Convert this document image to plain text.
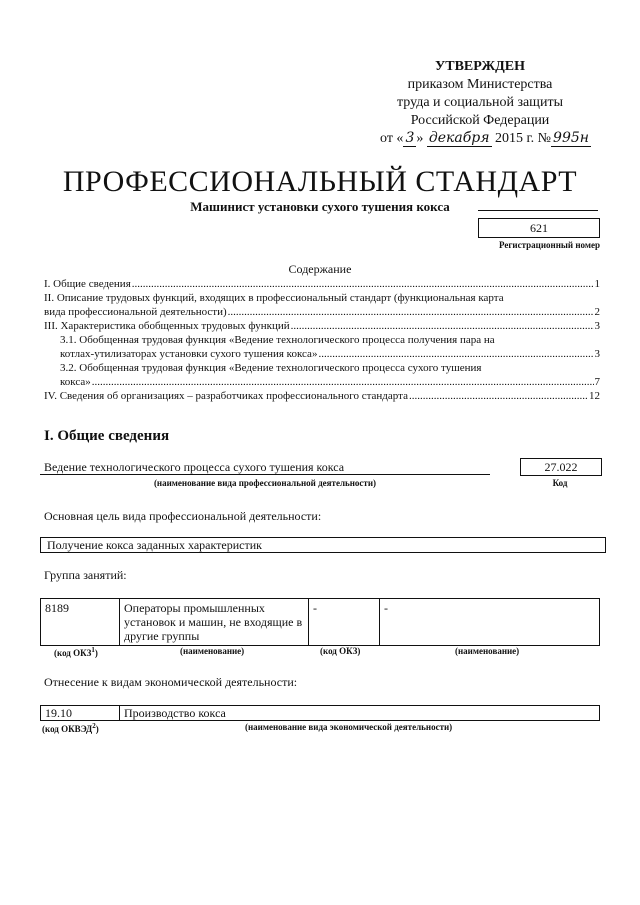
УТВЕРЖДЕН
приказом Министерства
труда и социальной защиты
Российской Федерации
от « 3 » декабря 2015 г. № 995н
ПРОФЕССИОНАЛЬНЫЙ СТАНДАРТ
Машинист установки сухого тушения кокса
621
Регистрационный номер
Содержание
I. Общие сведения .....	1
II. Описание трудовых функций, входящих в профессиональный стандарт (функциональная карта
вида профессиональной деятельности) .....	2
III. Характеристика обобщенных трудовых функций .....	3
3.1. Обобщенная трудовая функция «Ведение технологического процесса получения пара на
котлах-утилизаторах установки сухого тушения кокса» .....	3
3.2. Обобщенная трудовая функция «Ведение технологического процесса сухого тушения
кокса» .....	7
IV. Сведения об организациях – разработчиках профессионального стандарта .....	12
I. Общие сведения
Ведение технологического процесса сухого тушения кокса
(наименование вида профессиональной деятельности)
27.022
Код
Основная цель вида профессиональной деятельности:
Получение кокса заданных характеристик
Группа занятий:
8189	Операторы промышленных установок и машин, не входящие в другие группы	-	-
(код ОКЗ$^1$)	(наименование)	(код ОКЗ)	(наименование)
Отнесение к видам экономической деятельности:
19.10	Производство кокса
(код ОКВЭД$^2$)	(наименование вида экономической деятельности)
